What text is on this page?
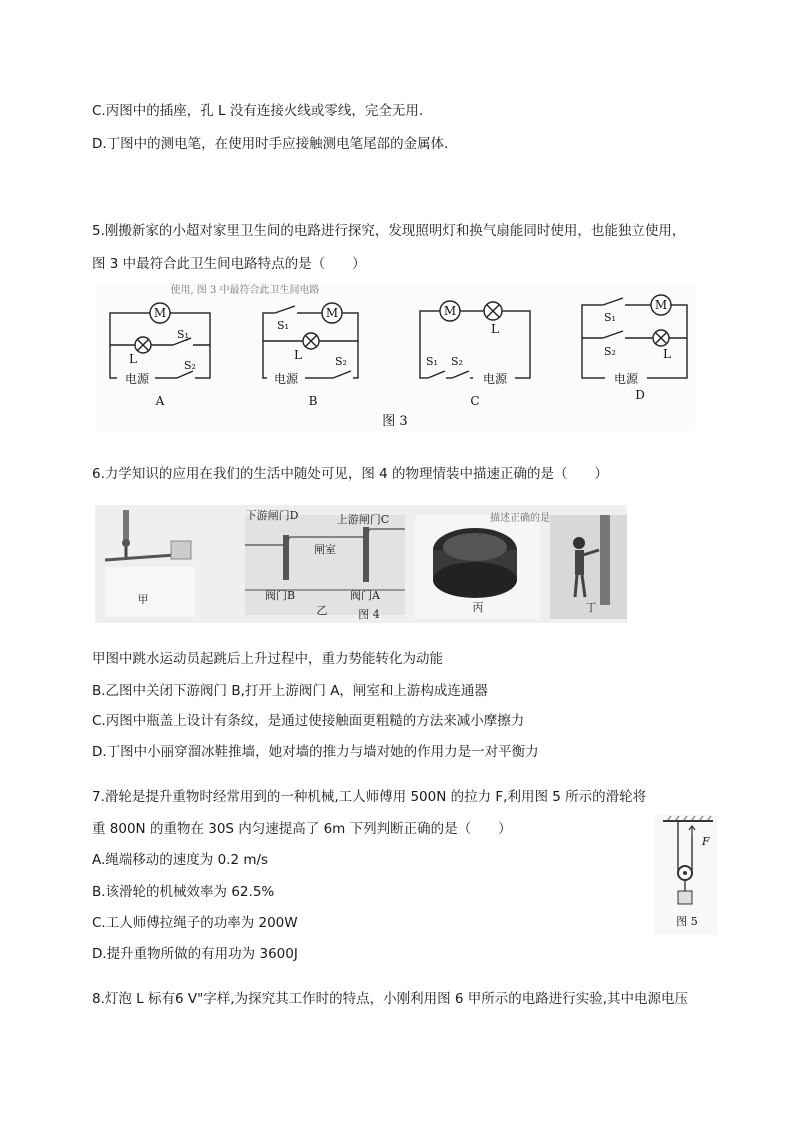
C.丙图中的插座，孔 L 没有连接火线或零线，完全无用.
D.丁图中的测电笔，在使用时手应接触测电笔尾部的金属体.
5.刚搬新家的小超对家里卫生间的电路进行探究，发现照明灯和换气扇能同时使用，也能独立使用，
图 3 中最符合此卫生间电路特点的是（　　）
使用, 图 3 中最符合此卫生间电路
M
S₁
L
电源
S₂
A
M
S₁
L
电源
S₂
B
M
L
S₁ S₂
电源
C
M
S₁
S₂	L
电源
D
图 3
6.力学知识的应用在我们的生活中随处可见，图 4 的物理情装中描速正确的是（　　）
甲
下游闸门D	上游闸门C
闸室
阀门B	阀门A
乙	图 4
描述正确的是
丙	丁
甲图中跳水运动员起跳后上升过程中，重力势能转化为动能
B.乙图中关闭下游阀门 B,打开上游阀门 A，闸室和上游构成连通器
C.丙图中瓶盖上设计有条纹，是通过使接触面更粗糙的方法来减小摩擦力
D.丁图中小丽穿溜冰鞋推墙，她对墙的推力与墙对她的作用力是一对平衡力
7.滑轮是提升重物时经常用到的一种机械,工人师傅用 500N 的拉力 F,利用图 5 所示的滑轮将
重 800N 的重物在 30S 内匀速提高了 6m 下列判断正确的是（　　）
A.绳端移动的速度为 0.2 m/s
B.该滑轮的机械效率为 62.5%
C.工人师傅拉绳子的功率为 200W
D.提升重物所做的有用功为 3600J
F
图 5
8.灯泡 L 标有6 V"字样,为探究其工作时的特点，小刚利用图 6 甲所示的电路进行实验,其中电源电压
